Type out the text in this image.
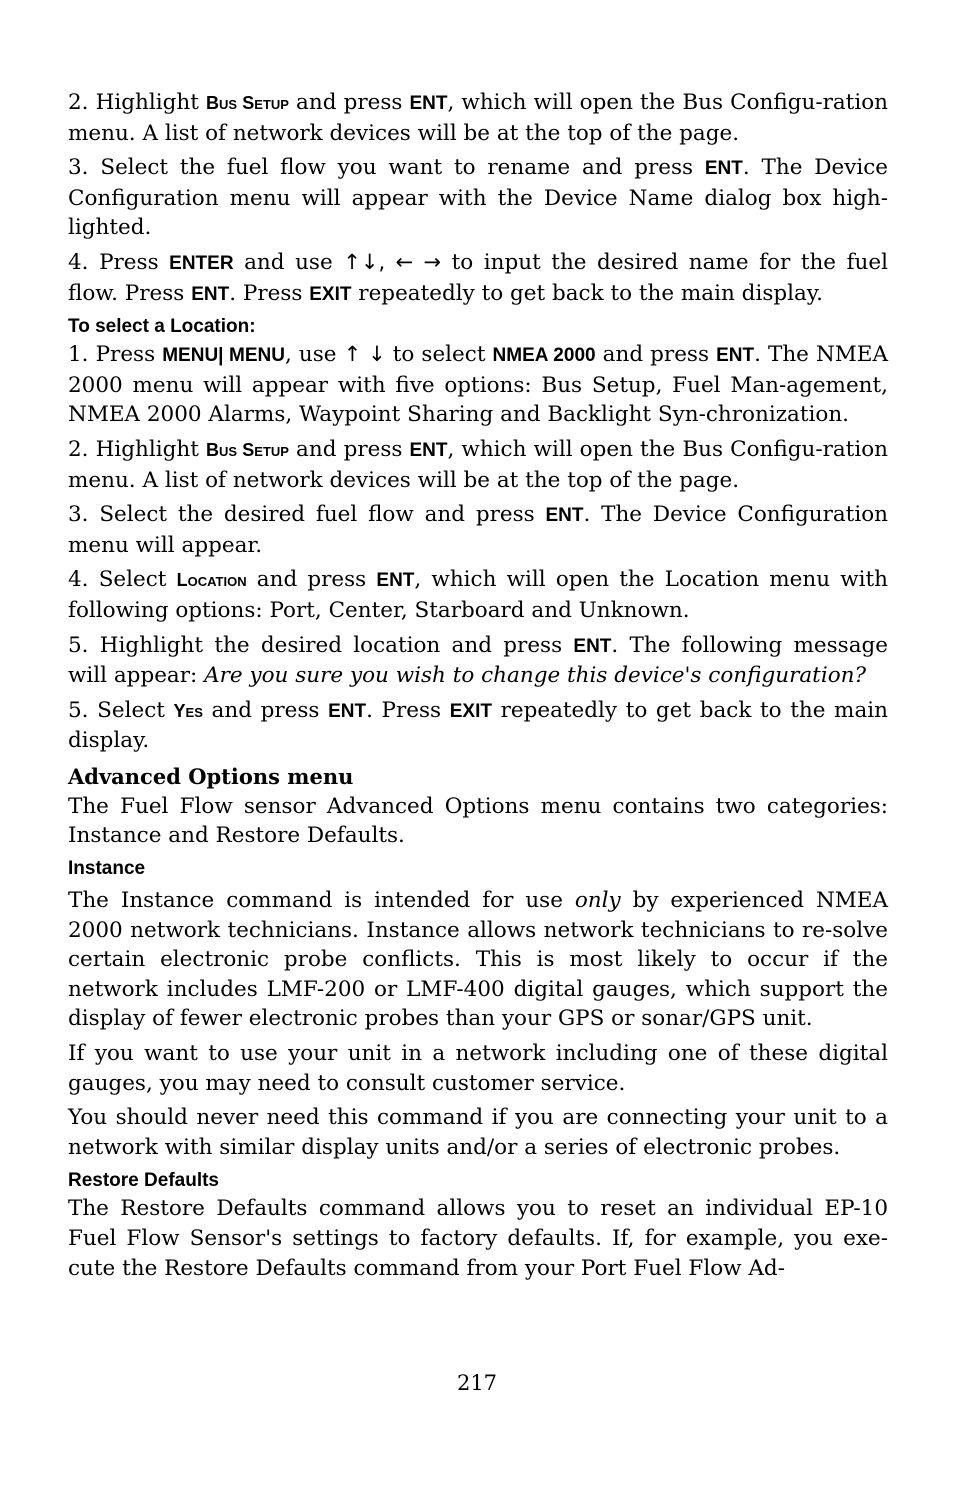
2. Highlight Bus Setup and press ENT, which will open the Bus Configu-ration menu. A list of network devices will be at the top of the page.

3. Select the fuel flow you want to rename and press ENT. The Device Configuration menu will appear with the Device Name dialog box high-lighted.

4. Press ENTER and use ↑↓, ← → to input the desired name for the fuel flow. Press ENT. Press EXIT repeatedly to get back to the main display.

To select a Location:

1. Press MENU| MENU, use ↑ ↓ to select NMEA 2000 and press ENT. The NMEA 2000 menu will appear with five options: Bus Setup, Fuel Man-agement, NMEA 2000 Alarms, Waypoint Sharing and Backlight Syn-chronization.

2. Highlight Bus Setup and press ENT, which will open the Bus Configu-ration menu. A list of network devices will be at the top of the page.

3. Select the desired fuel flow and press ENT. The Device Configuration menu will appear.

4. Select Location and press ENT, which will open the Location menu with following options: Port, Center, Starboard and Unknown.

5. Highlight the desired location and press ENT. The following message will appear: Are you sure you wish to change this device's configuration?

5. Select Yes and press ENT. Press EXIT repeatedly to get back to the main display.

Advanced Options menu

The Fuel Flow sensor Advanced Options menu contains two categories: Instance and Restore Defaults.

Instance

The Instance command is intended for use only by experienced NMEA 2000 network technicians. Instance allows network technicians to re-solve certain electronic probe conflicts. This is most likely to occur if the network includes LMF-200 or LMF-400 digital gauges, which support the display of fewer electronic probes than your GPS or sonar/GPS unit.

If you want to use your unit in a network including one of these digital gauges, you may need to consult customer service.

You should never need this command if you are connecting your unit to a network with similar display units and/or a series of electronic probes.

Restore Defaults

The Restore Defaults command allows you to reset an individual EP-10 Fuel Flow Sensor's settings to factory defaults. If, for example, you exe-cute the Restore Defaults command from your Port Fuel Flow Ad-

217
